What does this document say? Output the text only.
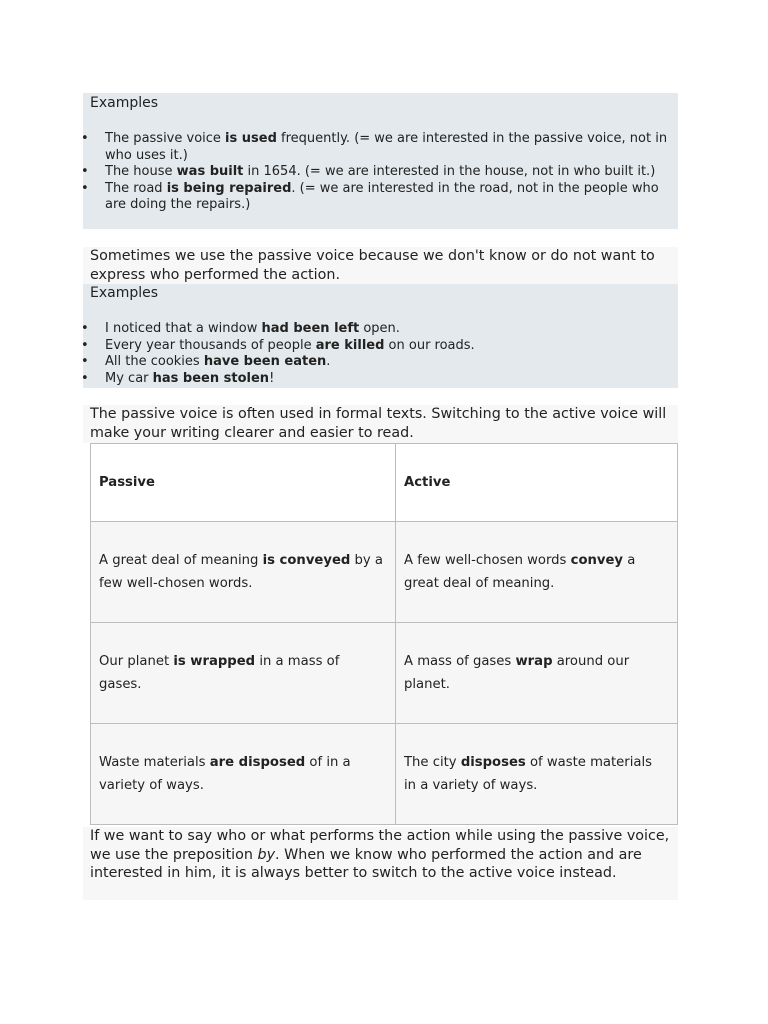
Examples
• The passive voice is used frequently. (= we are interested in the passive voice, not in who uses it.)
• The house was built in 1654. (= we are interested in the house, not in who built it.)
• The road is being repaired. (= we are interested in the road, not in the people who are doing the repairs.)
Sometimes we use the passive voice because we don't know or do not want to express who performed the action.
Examples
• I noticed that a window had been left open.
• Every year thousands of people are killed on our roads.
• All the cookies have been eaten.
• My car has been stolen!
The passive voice is often used in formal texts. Switching to the active voice will make your writing clearer and easier to read.
Passive	Active
A great deal of meaning is conveyed by a few well-chosen words.	A few well-chosen words convey a great deal of meaning.
Our planet is wrapped in a mass of gases.	A mass of gases wrap around our planet.
Waste materials are disposed of in a variety of ways.	The city disposes of waste materials in a variety of ways.
If we want to say who or what performs the action while using the passive voice, we use the preposition by. When we know who performed the action and are interested in him, it is always better to switch to the active voice instead.
